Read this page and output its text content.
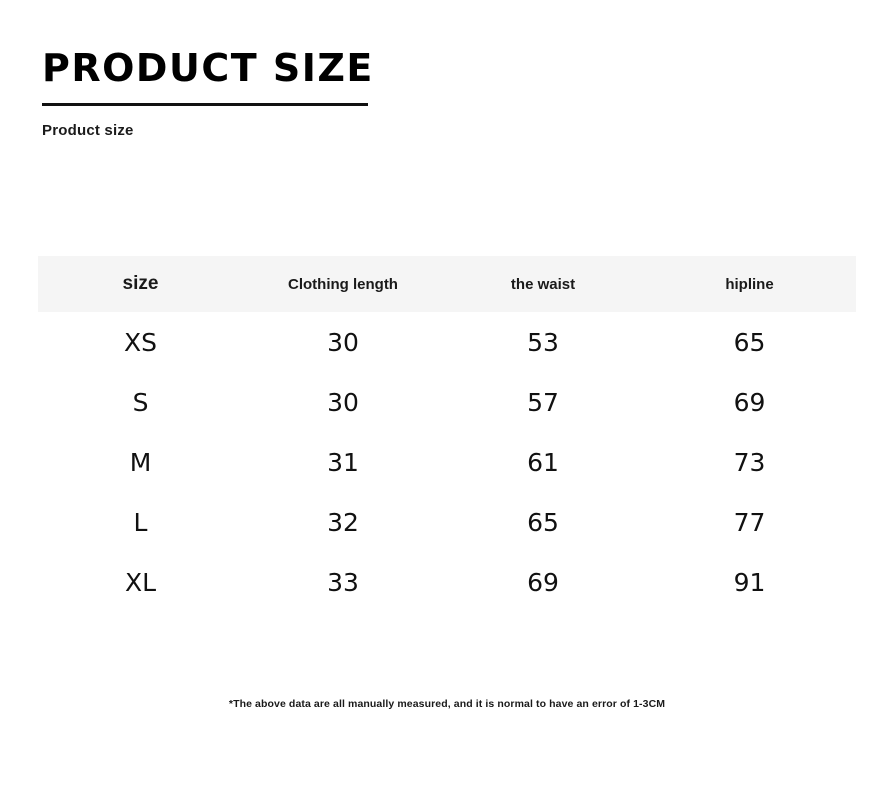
PRODUCT SIZE
Product size
size	Clothing length	the waist	hipline
XS	30	53	65
S	30	57	69
M	31	61	73
L	32	65	77
XL	33	69	91
*The above data are all manually measured, and it is normal to have an error of 1-3CM
